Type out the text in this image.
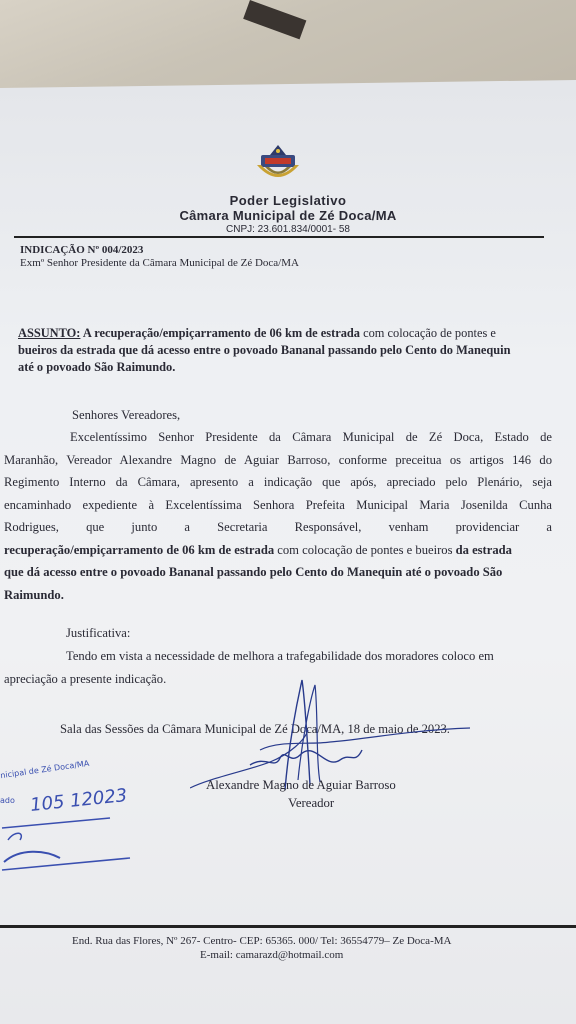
Poder Legislativo
Câmara Municipal de Zé Doca/MA
CNPJ: 23.601.834/0001- 58
INDICAÇÃO Nº 004/2023
Exmº Senhor Presidente da Câmara Municipal de Zé Doca/MA
ASSUNTO: A recuperação/empiçarramento de 06 km de estrada com colocação de pontes e
bueiros da estrada que dá acesso entre o povoado Bananal passando pelo Cento do Manequin
até o povoado São Raimundo.
Senhores Vereadores,
Excelentíssimo Senhor Presidente da Câmara Municipal de Zé Doca, Estado de
Maranhão, Vereador Alexandre Magno de Aguiar Barroso, conforme preceitua os artigos 146 do
Regimento Interno da Câmara, apresento a indicação que após, apreciado pelo Plenário, seja
encaminhado expediente à Excelentíssima Senhora Prefeita Municipal Maria Josenilda Cunha
Rodrigues, que junto a Secretaria Responsável, venham providenciar a
recuperação/empiçarramento de 06 km de estrada com colocação de pontes e bueiros da estrada
que dá acesso entre o povoado Bananal passando pelo Cento do Manequin até o povoado São
Raimundo.
Justificativa:
Tendo em vista a necessidade de melhora a trafegabilidade dos moradores coloco em
apreciação a presente indicação.
Sala das Sessões da Câmara Municipal de Zé Doca/MA, 18 de maio de 2023.
Alexandre Magno de Aguiar Barroso
Vereador
nicipal de Zé Doca/MA
ado 105 12023
End. Rua das Flores, Nº 267- Centro- CEP: 65365. 000/ Tel: 36554779– Ze Doca-MA
E-mail: camarazd@hotmail.com
